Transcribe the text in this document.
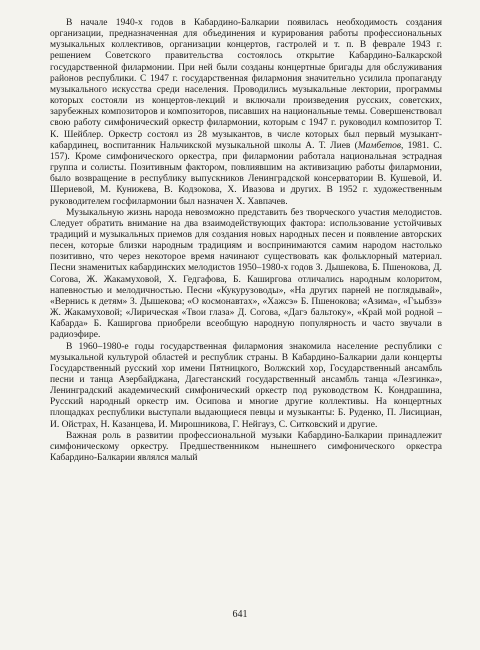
В начале 1940-х годов в Кабардино-Балкарии появилась необходимость создания организации, предназначенная для объединения и курирования работы профессиональных музыкальных коллективов, организации концертов, гастролей и т. п. В феврале 1943 г. решением Советского правительства состоялось открытие Кабардино-Балкарской государственной филармонии. При ней были созданы концертные бригады для обслуживания районов республики. С 1947 г. государственная филармония значительно усилила пропаганду музыкального искусства среди населения. Проводились музыкальные лектории, программы которых состояли из концертов-лекций и включали произведения русских, советских, зарубежных композиторов и композиторов, писавших на национальные темы. Совершенствовал свою работу симфонический оркестр филармонии, которым с 1947 г. руководил композитор Т. К. Шейблер. Оркестр состоял из 28 музыкантов, в числе которых был первый музыкант-кабардинец, воспитанник Нальчикской музыкальной школы А. Т. Лиев (Мамбетов, 1981. С. 157). Кроме симфонического оркестра, при филармонии работала национальная эстрадная группа и солисты. Позитивным фактором, повлиявшим на активизацию работы филармонии, было возвращение в республику выпускников Ленинградской консерватории В. Кушевой, И. Шериевой, М. Кунижева, В. Кодзокова, Х. Ивазова и других. В 1952 г. художественным руководителем госфилармонии был назначен Х. Хавпачев.

Музыкальную жизнь народа невозможно представить без творческого участия мелодистов. Следует обратить внимание на два взаимодействующих фактора: использование устойчивых традиций и музыкальных приемов для создания новых народных песен и появление авторских песен, которые близки народным традициям и воспринимаются самим народом настолько позитивно, что через некоторое время начинают существовать как фольклорный материал. Песни знаменитых кабардинских мелодистов 1950–1980-х годов З. Дышекова, Б. Пшенокова, Д. Согова, Ж. Жакамуховой, Х. Гедгафова, Б. Каширгова отличались народным колоритом, напевностью и мелодичностью. Песни «Кукурузоводы», «На других парней не поглядывай», «Вернись к детям» З. Дышекова; «О космонавтах», «Хажсэ» Б. Пшенокова; «Азима», «Гъыбзэ» Ж. Жакамуховой; «Лирическая «Твои глаза» Д. Согова, «Дагэ бальтоку», «Край мой родной – Кабарда» Б. Каширгова приобрели всеобщую народную популярность и часто звучали в радиоэфире.

В 1960–1980-е годы государственная филармония знакомила население республики с музыкальной культурой областей и республик страны. В Кабардино-Балкарии дали концерты Государственный русский хор имени Пятницкого, Волжский хор, Государственный ансамбль песни и танца Азербайджана, Дагестанский государственный ансамбль танца «Лезгинка», Ленинградский академический симфонический оркестр под руководством К. Кондрашина, Русский народный оркестр им. Осипова и многие другие коллективы. На концертных площадках республики выступали выдающиеся певцы и музыканты: Б. Руденко, П. Лисициан, И. Ойстрах, Н. Казанцева, И. Мирошникова, Г. Нейгауз, С. Ситковский и другие.

Важная роль в развитии профессиональной музыки Кабардино-Балкарии принадлежит симфоническому оркестру. Предшественником нынешнего симфонического оркестра Кабардино-Балкарии являлся малый

641
